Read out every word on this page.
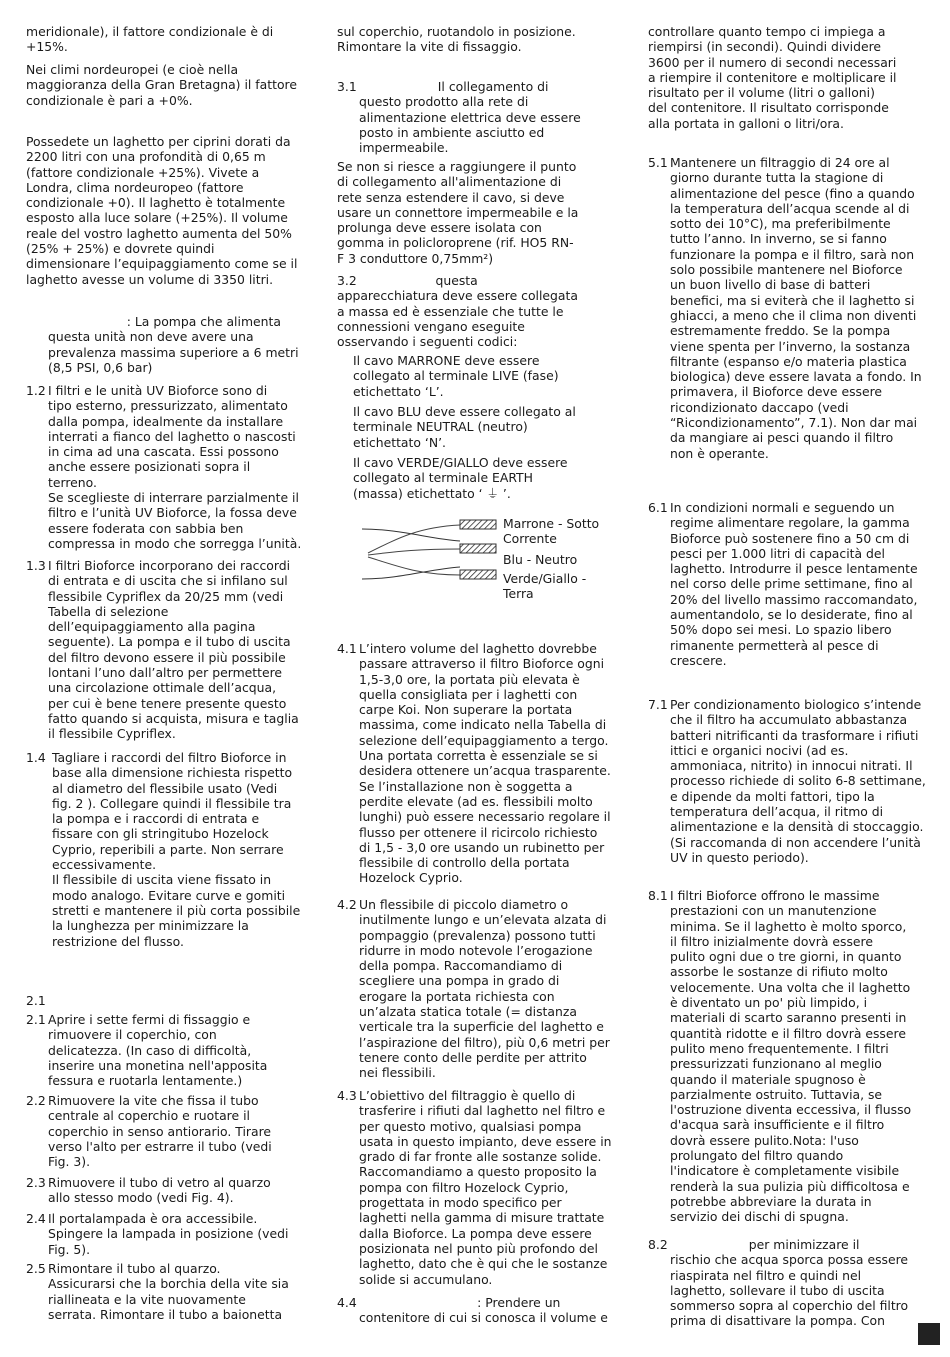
meridionale), il fattore condizionale è di
+15%.
Nei climi nordeuropei (e cioè nella
maggioranza della Gran Bretagna) il fattore
condizionale è pari a +0%.
Possedete un laghetto per ciprini dorati da
2200 litri con una profondità di 0,65 m
(fattore condizionale +25%). Vivete a
Londra, clima nordeuropeo (fattore
condizionale +0). Il laghetto è totalmente
esposto alla luce solare (+25%). Il volume
reale del vostro laghetto aumenta del 50%
(25% + 25%) e dovrete quindi
dimensionare l’equipaggiamento come se il
laghetto avesse un volume di 3350 litri.
: La pompa che alimenta
questa unità non deve avere una
prevalenza massima superiore a 6 metri
(8,5 PSI, 0,6 bar)
1.2 I filtri e le unità UV Bioforce sono di
tipo esterno, pressurizzato, alimentato
dalla pompa, idealmente da installare
interrati a fianco del laghetto o nascosti
in cima ad una cascata. Essi possono
anche essere posizionati sopra il
terreno.
Se sceglieste di interrare parzialmente il
filtro e l’unità UV Bioforce, la fossa deve
essere foderata con sabbia ben
compressa in modo che sorregga l’unità.
1.3 I filtri Bioforce incorporano dei raccordi
di entrata e di uscita che si infilano sul
flessibile Cypriflex da 20/25 mm (vedi
Tabella di selezione
dell’equipaggiamento alla pagina
seguente). La pompa e il tubo di uscita
del filtro devono essere il più possibile
lontani l’uno dall’altro per permettere
una circolazione ottimale dell’acqua,
per cui è bene tenere presente questo
fatto quando si acquista, misura e taglia
il flessibile Cypriflex.
1.4 Tagliare i raccordi del filtro Bioforce in
base alla dimensione richiesta rispetto
al diametro del flessibile usato (Vedi
fig. 2 ). Collegare quindi il flessibile tra
la pompa e i raccordi di entrata e
fissare con gli stringitubo Hozelock
Cyprio, reperibili a parte. Non serrare
eccessivamente.
Il flessibile di uscita viene fissato in
modo analogo. Evitare curve e gomiti
stretti e mantenere il più corta possibile
la lunghezza per minimizzare la
restrizione del flusso.
2.1
2.1 Aprire i sette fermi di fissaggio e
rimuovere il coperchio, con
delicatezza. (In caso di difficoltà,
inserire una monetina nell'apposita
fessura e ruotarla lentamente.)
2.2 Rimuovere la vite che fissa il tubo
centrale al coperchio e ruotare il
coperchio in senso antiorario. Tirare
verso l'alto per estrarre il tubo (vedi
Fig. 3).
2.3 Rimuovere il tubo di vetro al quarzo
allo stesso modo (vedi Fig. 4).
2.4 Il portalampada è ora accessibile.
Spingere la lampada in posizione (vedi
Fig. 5).
2.5 Rimontare il tubo al quarzo.
Assicurarsi che la borchia della vite sia
riallineata e la vite nuovamente
serrata. Rimontare il tubo a baionetta
sul coperchio, ruotandolo in posizione.
Rimontare la vite di fissaggio.
3.1	Il collegamento di
questo prodotto alla rete di
alimentazione elettrica deve essere
posto in ambiente asciutto ed
impermeabile.
Se non si riesce a raggiungere il punto
di collegamento all'alimentazione di
rete senza estendere il cavo, si deve
usare un connettore impermeabile e la
prolunga deve essere isolata con
gomma in policloroprene (rif. HO5 RN-
F 3 conduttore 0,75mm²)
3.2                    questa
apparecchiatura deve essere collegata
a massa ed è essenziale che tutte le
connessioni vengano eseguite
osservando i seguenti codici:
Il cavo MARRONE deve essere
collegato al terminale LIVE (fase)
etichettato ‘L’.
Il cavo BLU deve essere collegato al
terminale NEUTRAL (neutro)
etichettato ‘N’.
Il cavo VERDE/GIALLO deve essere
collegato al terminale EARTH
(massa) etichettato ‘ ⏚ ’.
4.1 L’intero volume del laghetto dovrebbe
passare attraverso il filtro Bioforce ogni
1,5-3,0 ore, la portata più elevata è
quella consigliata per i laghetti con
carpe Koi. Non superare la portata
massima, come indicato nella Tabella di
selezione dell’equipaggiamento a tergo.
Una portata corretta è essenziale se si
desidera ottenere un’acqua trasparente.
Se l’installazione non è soggetta a
perdite elevate (ad es. flessibili molto
lunghi) può essere necessario regolare il
flusso per ottenere il ricircolo richiesto
di 1,5 - 3,0 ore usando un rubinetto per
flessibile di controllo della portata
Hozelock Cyprio.
4.2 Un flessibile di piccolo diametro o
inutilmente lungo e un’elevata alzata di
pompaggio (prevalenza) possono tutti
ridurre in modo notevole l’erogazione
della pompa. Raccomandiamo di
scegliere una pompa in grado di
erogare la portata richiesta con
un’alzata statica totale (= distanza
verticale tra la superficie del laghetto e
l’aspirazione del filtro), più 0,6 metri per
tenere conto delle perdite per attrito
nei flessibili.
4.3 L’obiettivo del filtraggio è quello di
trasferire i rifiuti dal laghetto nel filtro e
per questo motivo, qualsiasi pompa
usata in questo impianto, deve essere in
grado di far fronte alle sostanze solide.
Raccomandiamo a questo proposito la
pompa con filtro Hozelock Cyprio,
progettata in modo specifico per
laghetti nella gamma di misure trattate
dalla Bioforce. La pompa deve essere
posizionata nel punto più profondo del
laghetto, dato che è qui che le sostanze
solide si accumulano.
4.4	: Prendere un
contenitore di cui si conosca il volume e
controllare quanto tempo ci impiega a
riempirsi (in secondi). Quindi dividere
3600 per il numero di secondi necessari
a riempire il contenitore e moltiplicare il
risultato per il volume (litri o galloni)
del contenitore. Il risultato corrisponde
alla portata in galloni o litri/ora.
5.1 Mantenere un filtraggio di 24 ore al
giorno durante tutta la stagione di
alimentazione del pesce (fino a quando
la temperatura dell’acqua scende al di
sotto dei 10°C), ma preferibilmente
tutto l’anno. In inverno, se si fanno
funzionare la pompa e il filtro, sarà non
solo possibile mantenere nel Bioforce
un buon livello di base di batteri
benefici, ma si eviterà che il laghetto si
ghiacci, a meno che il clima non diventi
estremamente freddo. Se la pompa
viene spenta per l’inverno, la sostanza
filtrante (espanso e/o materia plastica
biologica) deve essere lavata a fondo. In
primavera, il Bioforce deve essere
ricondizionato daccapo (vedi
“Ricondizionamento”, 7.1). Non dar mai
da mangiare ai pesci quando il filtro
non è operante.
6.1 In condizioni normali e seguendo un
regime alimentare regolare, la gamma
Bioforce può sostenere fino a 50 cm di
pesci per 1.000 litri di capacità del
laghetto. Introdurre il pesce lentamente
nel corso delle prime settimane, fino al
20% del livello massimo raccomandato,
aumentandolo, se lo desiderate, fino al
50% dopo sei mesi. Lo spazio libero
rimanente permetterà al pesce di
crescere.
7.1 Per condizionamento biologico s’intende
che il filtro ha accumulato abbastanza
batteri nitrificanti da trasformare i rifiuti
ittici e organici nocivi (ad es.
ammoniaca, nitrito) in innocui nitrati. Il
processo richiede di solito 6-8 settimane,
e dipende da molti fattori, tipo la
temperatura dell’acqua, il ritmo di
alimentazione e la densità di stoccaggio.
(Si raccomanda di non accendere l’unità
UV in questo periodo).
8.1 I filtri Bioforce offrono le massime
prestazioni con un manutenzione
minima. Se il laghetto è molto sporco,
il filtro inizialmente dovrà essere
pulito ogni due o tre giorni, in quanto
assorbe le sostanze di rifiuto molto
velocemente. Una volta che il laghetto
è diventato un po' più limpido, i
materiali di scarto saranno presenti in
quantità ridotte e il filtro dovrà essere
pulito meno frequentemente. I filtri
pressurizzati funzionano al meglio
quando il materiale spugnoso è
parzialmente ostruito. Tuttavia, se
l'ostruzione diventa eccessiva, il flusso
d'acqua sarà insufficiente e il filtro
dovrà essere pulito.Nota: l'uso
prolungato del filtro quando
l'indicatore è completamente visibile
renderà la sua pulizia più difficoltosa e
potrebbe abbreviare la durata in
servizio dei dischi di spugna.
8.2	per minimizzare il
rischio che acqua sporca possa essere
riaspirata nel filtro e quindi nel
laghetto, sollevare il tubo di uscita
sommerso sopra al coperchio del filtro
prima di disattivare la pompa. Con
Marrone - Sotto
Corrente
Blu - Neutro
Verde/Giallo -
Terra
